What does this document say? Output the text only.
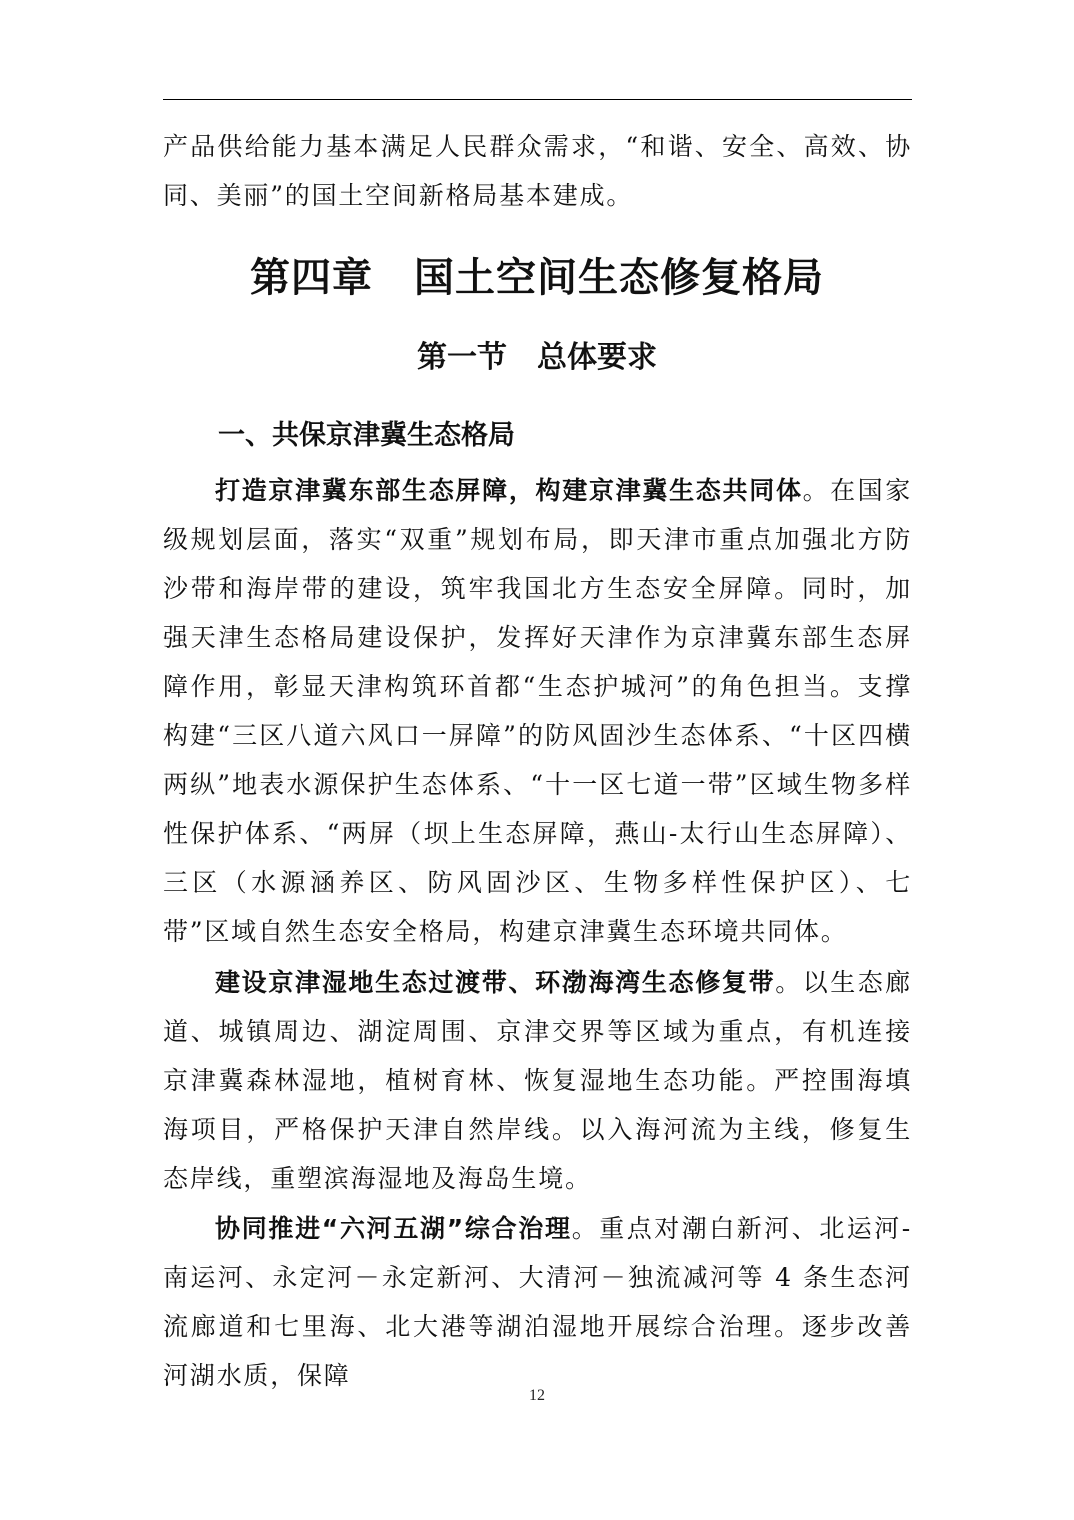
产品供给能力基本满足人民群众需求，“和谐、安全、高效、协同、美丽”的国土空间新格局基本建成。

第四章　国土空间生态修复格局
第一节　总体要求
一、共保京津冀生态格局

打造京津冀东部生态屏障，构建京津冀生态共同体。在国家级规划层面，落实“双重”规划布局，即天津市重点加强北方防沙带和海岸带的建设，筑牢我国北方生态安全屏障。同时，加强天津生态格局建设保护，发挥好天津作为京津冀东部生态屏障作用，彰显天津构筑环首都“生态护城河”的角色担当。支撑构建“三区八道六风口一屏障”的防风固沙生态体系、“十区四横两纵”地表水源保护生态体系、“十一区七道一带”区域生物多样性保护体系、“两屏（坝上生态屏障，燕山-太行山生态屏障）、三区（水源涵养区、防风固沙区、生物多样性保护区）、七带”区域自然生态安全格局，构建京津冀生态环境共同体。

建设京津湿地生态过渡带、环渤海湾生态修复带。以生态廊道、城镇周边、湖淀周围、京津交界等区域为重点，有机连接京津冀森林湿地，植树育林、恢复湿地生态功能。严控围海填海项目，严格保护天津自然岸线。以入海河流为主线，修复生态岸线，重塑滨海湿地及海岛生境。

协同推进“六河五湖”综合治理。重点对潮白新河、北运河-南运河、永定河－永定新河、大清河－独流减河等 4 条生态河流廊道和七里海、北大港等湖泊湿地开展综合治理。逐步改善河湖水质，保障

12
